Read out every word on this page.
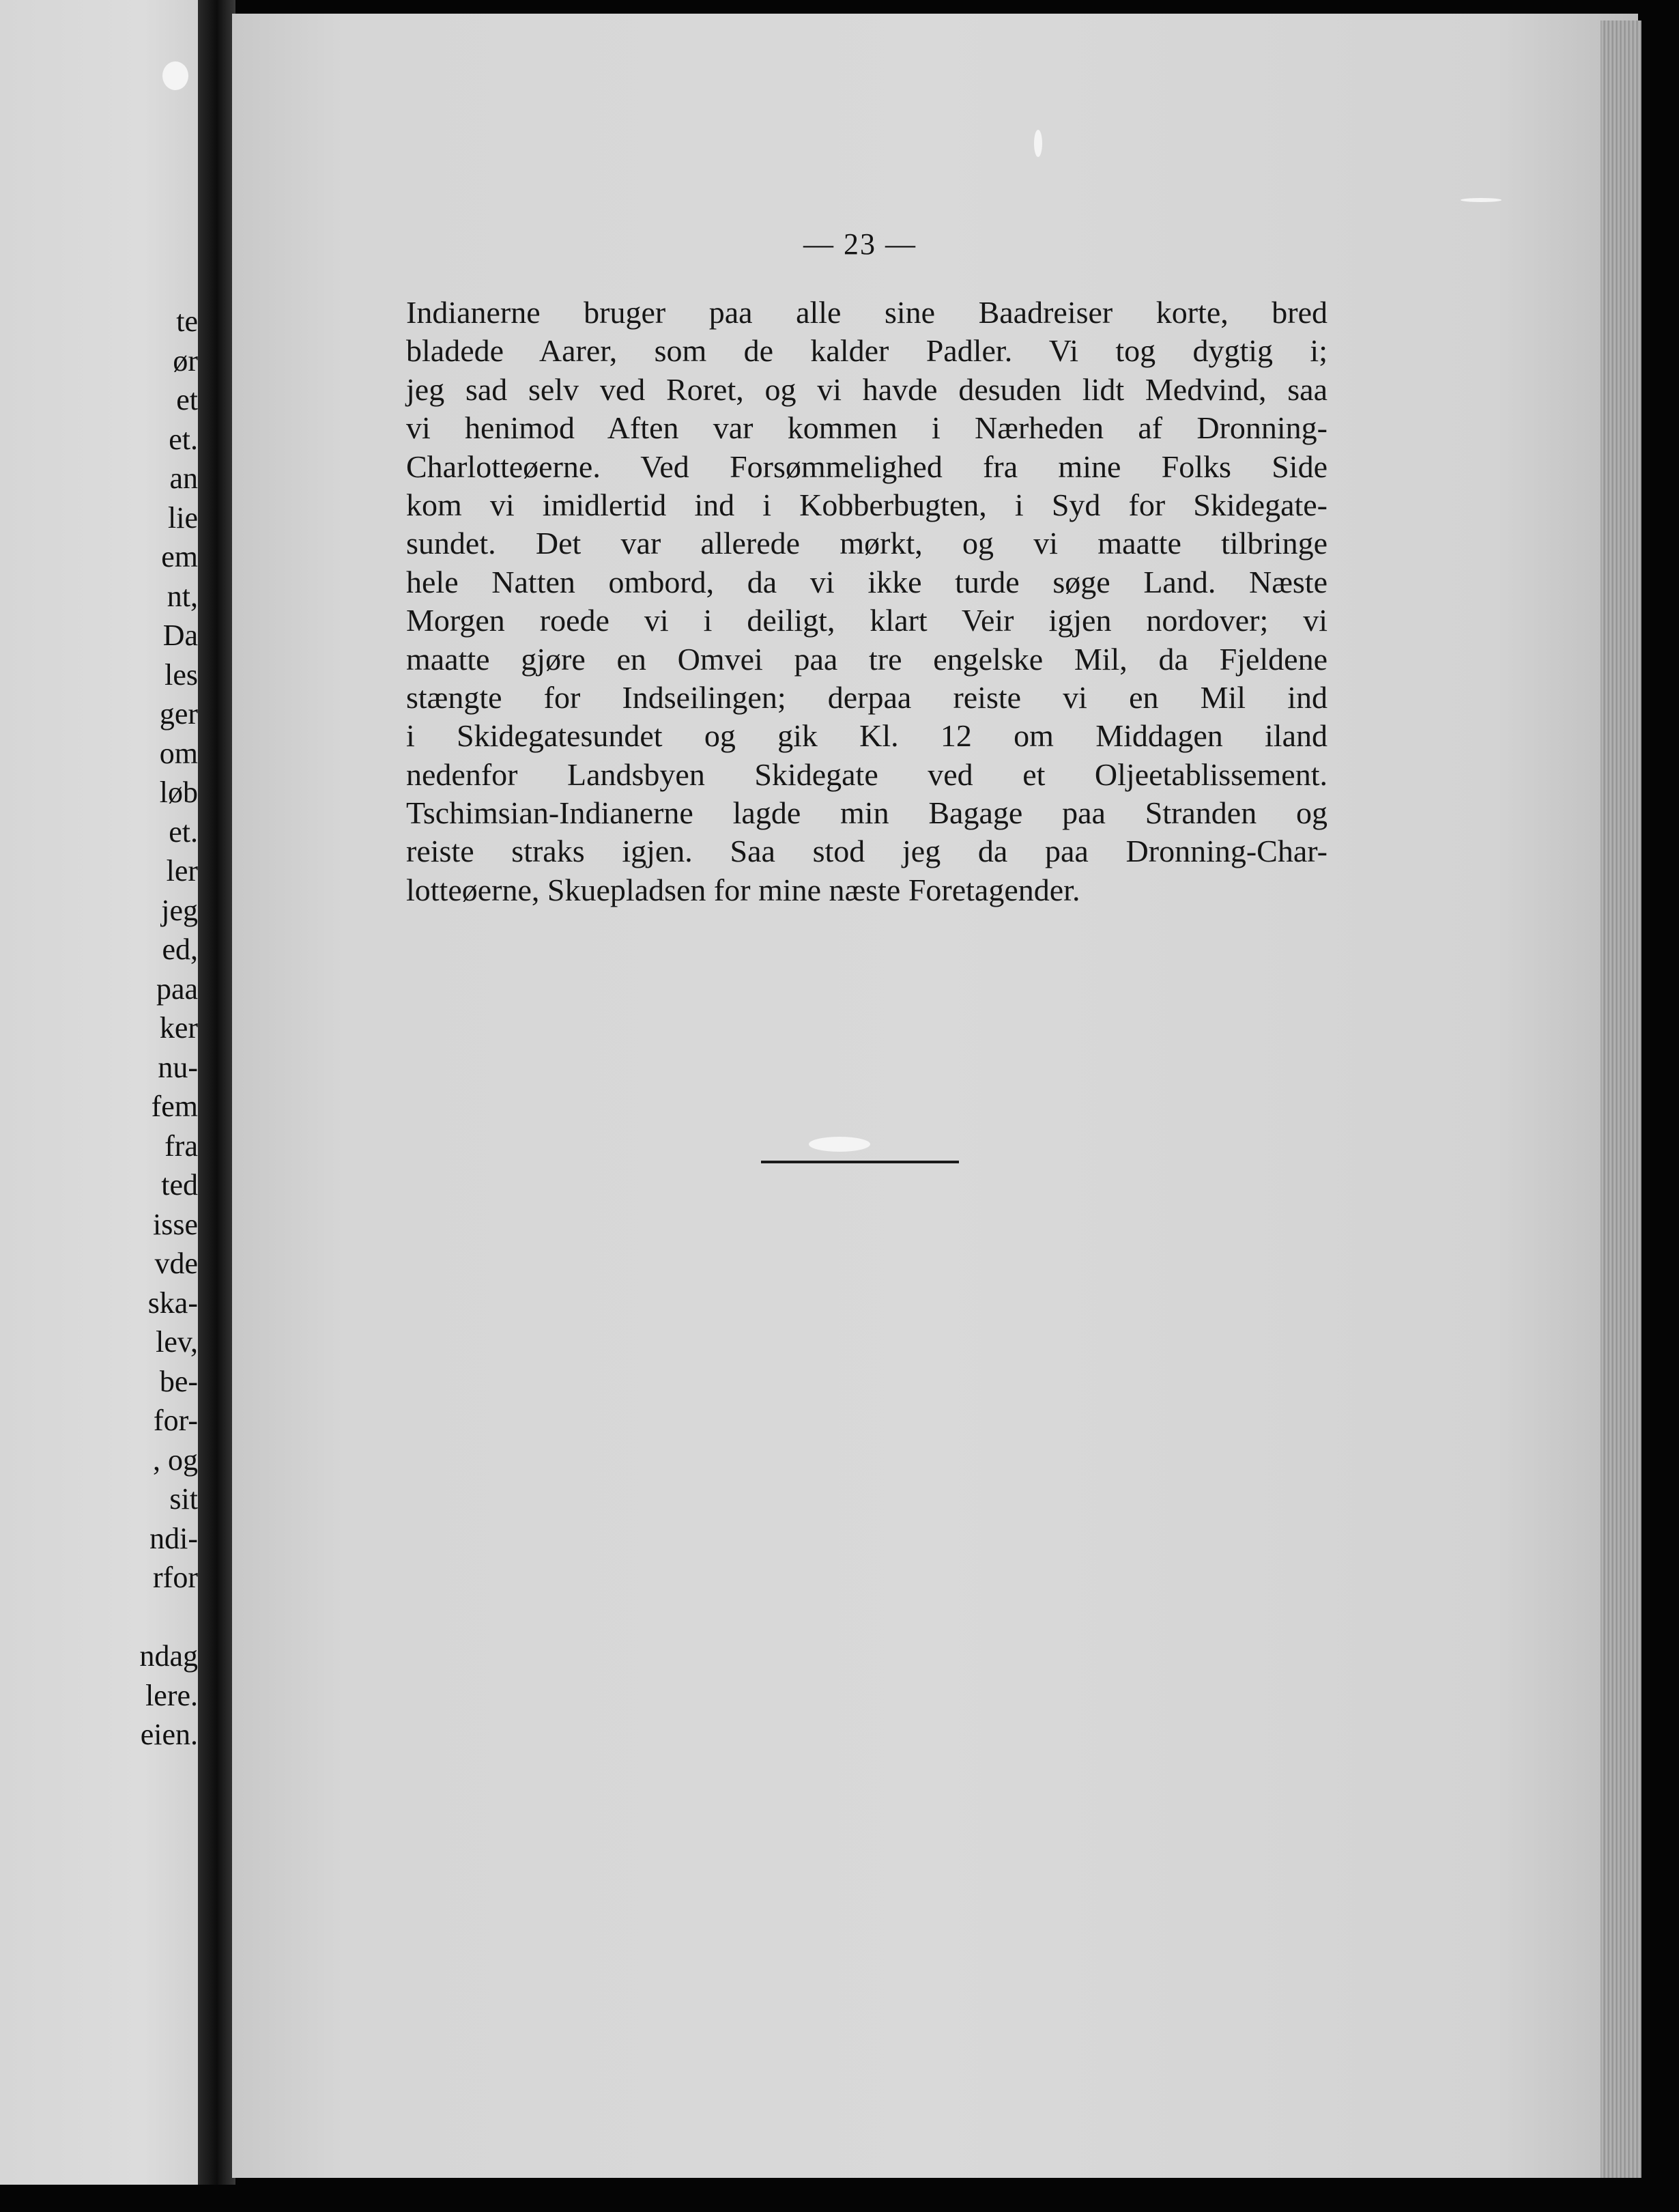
te
ør
et
et.
an
lie
em
nt,
Da
les
ger
om
løb
et.
ler
jeg
ed,
paa
ker
nu-
fem
fra
ted
isse
vde
ska-
lev,
be-
for-
, og
sit
ndi-
rfor
ndag
lere.
eien.
— 23 —
Indianerne bruger paa alle sine Baadreiser korte, bred
bladede Aarer, som de kalder Padler. Vi tog dygtig i;
jeg sad selv ved Roret, og vi havde desuden lidt Medvind, saa
vi henimod Aften var kommen i Nærheden af Dronning-
Charlotteøerne. Ved Forsømmelighed fra mine Folks Side
kom vi imidlertid ind i Kobberbugten, i Syd for Skidegate-
sundet. Det var allerede mørkt, og vi maatte tilbringe
hele Natten ombord, da vi ikke turde søge Land. Næste
Morgen roede vi i deiligt, klart Veir igjen nordover; vi
maatte gjøre en Omvei paa tre engelske Mil, da Fjeldene
stængte for Indseilingen; derpaa reiste vi en Mil ind
i Skidegatesundet og gik Kl. 12 om Middagen iland
nedenfor Landsbyen Skidegate ved et Oljeetablissement.
Tschimsian-Indianerne lagde min Bagage paa Stranden og
reiste straks igjen. Saa stod jeg da paa Dronning-Char-
lotteøerne, Skuepladsen for mine næste Foretagender.
